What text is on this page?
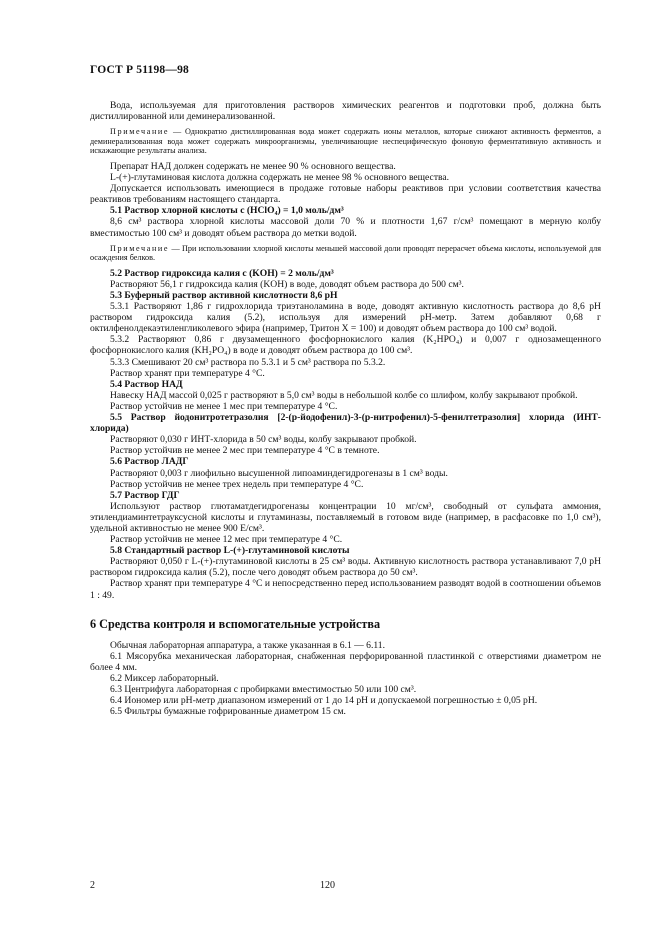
ГОСТ Р 51198—98

Вода, используемая для приготовления растворов химических реагентов и подготовки проб, должна быть дистиллированной или деминерализованной.

Примечание — Однократно дистиллированная вода может содержать ионы металлов, которые снижают активность ферментов, а деминерализованная вода может содержать микроорганизмы, увеличивающие неспецифическую фоновую ферментативную активность и искажающие результаты анализа.

Препарат НАД должен содержать не менее 90 % основного вещества.

L-(+)-глутаминовая кислота должна содержать не менее 98 % основного вещества.

Допускается использовать имеющиеся в продаже готовые наборы реактивов при условии соответствия качества реактивов требованиям настоящего стандарта.

5.1 Раствор хлорной кислоты c (HClO₄) = 1,0 моль/дм³

8,6 см³ раствора хлорной кислоты массовой доли 70 % и плотности 1,67 г/см³ помещают в мерную колбу вместимостью 100 см³ и доводят объем раствора до метки водой.

Примечание — При использовании хлорной кислоты меньшей массовой доли проводят перерасчет объема кислоты, используемой для осаждения белков.

5.2 Раствор гидроксида калия c (KOH) = 2 моль/дм³

Растворяют 56,1 г гидроксида калия (KOH) в воде, доводят объем раствора до 500 см³.

5.3 Буферный раствор активной кислотности 8,6 pH

5.3.1 Растворяют 1,86 г гидрохлорида триэтаноламина в воде, доводят активную кислотность раствора до 8,6 pH раствором гидроксида калия (5.2), используя для измерений pH-метр. Затем добавляют 0,68 г октилфенолдекаэтиленгликолевого эфира (например, Тритон X = 100) и доводят объем раствора до 100 см³ водой.

5.3.2 Растворяют 0,86 г двузамещенного фосфорнокислого калия (K₂HPO₄) и 0,007 г однозамещенного фосфорнокислого калия (KH₂PO₄) в воде и доводят объем раствора до 100 см³.

5.3.3 Смешивают 20 см³ раствора по 5.3.1 и 5 см³ раствора по 5.3.2.

Раствор хранят при температуре 4 °С.

5.4 Раствор НАД

Навеску НАД массой 0,025 г растворяют в 5,0 см³ воды в небольшой колбе со шлифом, колбу закрывают пробкой.

Раствор устойчив не менее 1 мес при температуре 4 °С.

5.5 Раствор йодонитротетразолия [2-(р-йодофенил)-3-(р-нитрофенил)-5-фенилтетразолия] хлорида (ИНТ-хлорида)

Растворяют 0,030 г ИНТ-хлорида в 50 см³ воды, колбу закрывают пробкой.

Раствор устойчив не менее 2 мес при температуре 4 °С в темноте.

5.6 Раствор ЛАДГ

Растворяют 0,003 г лиофильно высушенной липоаминдегидрогеназы в 1 см³ воды.

Раствор устойчив не менее трех недель при температуре 4 °С.

5.7 Раствор ГДГ

Используют раствор глютаматдегидрогеназы концентрации 10 мг/см³, свободный от сульфата аммония, этилендиаминтетрауксусной кислоты и глутаминазы, поставляемый в готовом виде (например, в расфасовке по 1,0 см³), удельной активностью не менее 900 Е/см³.

Раствор устойчив не менее 12 мес при температуре 4 °С.

5.8 Стандартный раствор L-(+)-глутаминовой кислоты

Растворяют 0,050 г L-(+)-глутаминовой кислоты в 25 см³ воды. Активную кислотность раствора устанавливают 7,0 pH раствором гидроксида калия (5.2), после чего доводят объем раствора до 50 см³.

Раствор хранят при температуре 4 °С и непосредственно перед использованием разводят водой в соотношении объемов 1 : 49.

6 Средства контроля и вспомогательные устройства

Обычная лабораторная аппаратура, а также указанная в 6.1 — 6.11.

6.1 Мясорубка механическая лабораторная, снабженная перфорированной пластинкой с отверстиями диаметром не более 4 мм.

6.2 Миксер лабораторный.

6.3 Центрифуга лабораторная с пробирками вместимостью 50 или 100 см³.

6.4 Иономер или pH-метр диапазоном измерений от 1 до 14 pH и допускаемой погрешностью ± 0,05 pH.

6.5 Фильтры бумажные гофрированные диаметром 15 см.

2	120
